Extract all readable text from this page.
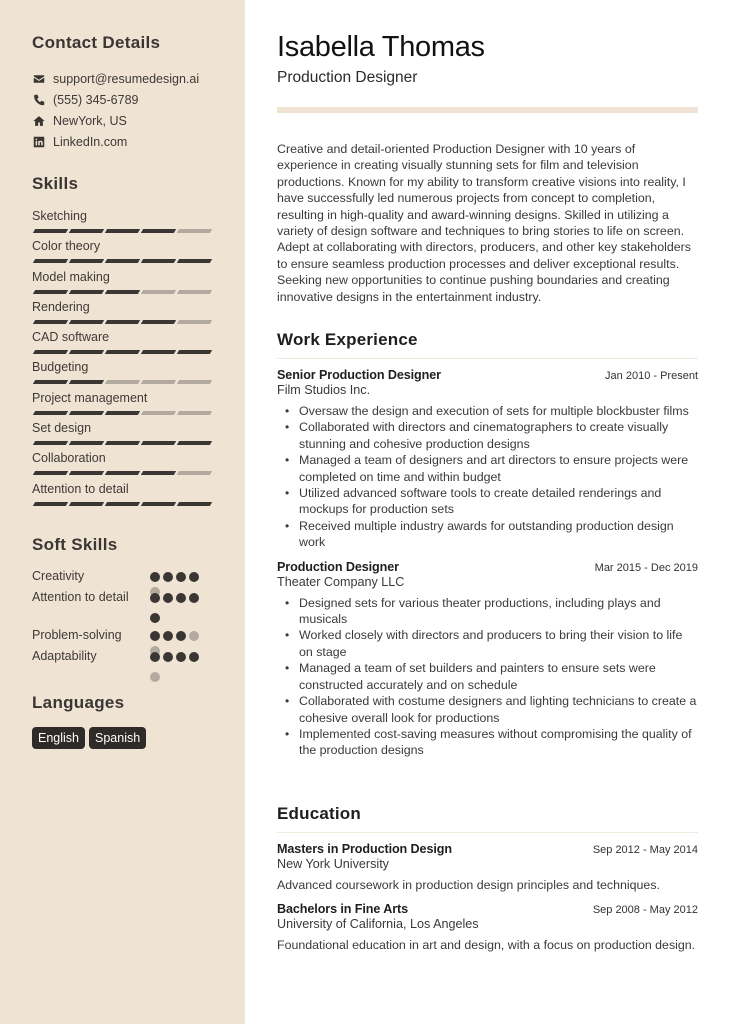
Contact Details
support@resumedesign.ai
(555) 345-6789
NewYork, US
LinkedIn.com
Skills
Sketching
Color theory
Model making
Rendering
CAD software
Budgeting
Project management
Set design
Collaboration
Attention to detail
Soft Skills
Creativity
Attention to detail
Problem-solving
Adaptability
Languages
English	Spanish
Isabella Thomas
Production Designer

Creative and detail-oriented Production Designer with 10 years of experience in creating visually stunning sets for film and television productions. Known for my ability to transform creative visions into reality, I have successfully led numerous projects from concept to completion, resulting in high-quality and award-winning designs. Skilled in utilizing a variety of design software and techniques to bring stories to life on screen. Adept at collaborating with directors, producers, and other key stakeholders to ensure seamless production processes and deliver exceptional results. Seeking new opportunities to continue pushing boundaries and creating innovative designs in the entertainment industry.

Work Experience
Senior Production Designer	Jan 2010 - Present
Film Studios Inc.
• Oversaw the design and execution of sets for multiple blockbuster films
• Collaborated with directors and cinematographers to create visually stunning and cohesive production designs
• Managed a team of designers and art directors to ensure projects were completed on time and within budget
• Utilized advanced software tools to create detailed renderings and mockups for production sets
• Received multiple industry awards for outstanding production design work
Production Designer	Mar 2015 - Dec 2019
Theater Company LLC
• Designed sets for various theater productions, including plays and musicals
• Worked closely with directors and producers to bring their vision to life on stage
• Managed a team of set builders and painters to ensure sets were constructed accurately and on schedule
• Collaborated with costume designers and lighting technicians to create a cohesive overall look for productions
• Implemented cost-saving measures without compromising the quality of the production designs
Education
Masters in Production Design	Sep 2012 - May 2014
New York University
Advanced coursework in production design principles and techniques.
Bachelors in Fine Arts	Sep 2008 - May 2012
University of California, Los Angeles
Foundational education in art and design, with a focus on production design.
